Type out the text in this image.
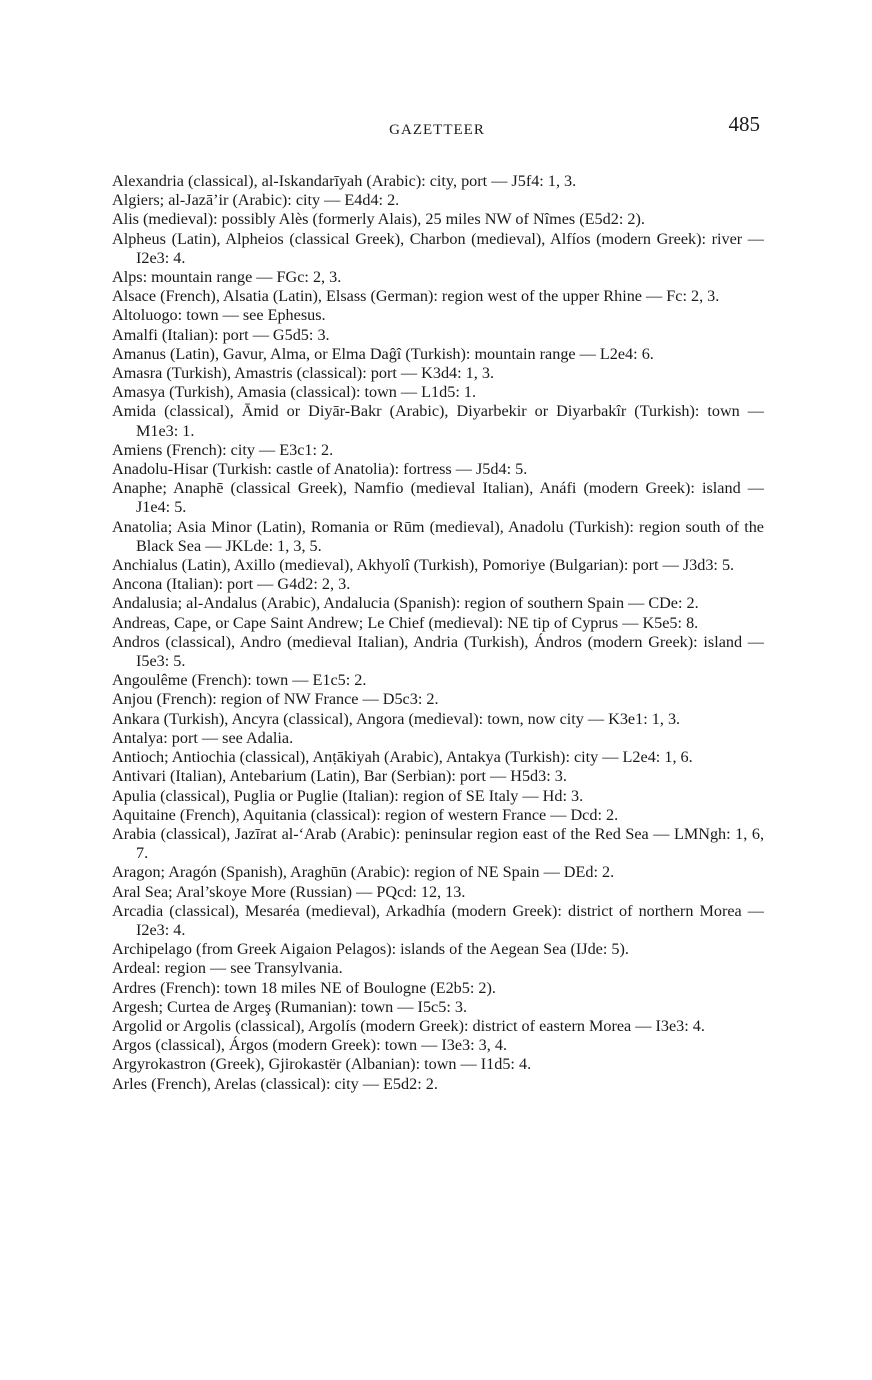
GAZETTEER	485
Alexandria (classical), al-Iskandarīyah (Arabic): city, port — J5f4: 1, 3.
Algiers; al-Jazā’ir (Arabic): city — E4d4: 2.
Alis (medieval): possibly Alès (formerly Alais), 25 miles NW of Nîmes (E5d2: 2).
Alpheus (Latin), Alpheios (classical Greek), Charbon (medieval), Alfíos (modern Greek): river — I2e3: 4.
Alps: mountain range — FGc: 2, 3.
Alsace (French), Alsatia (Latin), Elsass (German): region west of the upper Rhine — Fc: 2, 3.
Altoluogo: town — see Ephesus.
Amalfi (Italian): port — G5d5: 3.
Amanus (Latin), Gavur, Alma, or Elma Daĝî (Turkish): mountain range — L2e4: 6.
Amasra (Turkish), Amastris (classical): port — K3d4: 1, 3.
Amasya (Turkish), Amasia (classical): town — L1d5: 1.
Amida (classical), Āmid or Diyār-Bakr (Arabic), Diyarbekir or Diyarbakîr (Turkish): town — M1e3: 1.
Amiens (French): city — E3c1: 2.
Anadolu-Hisar (Turkish: castle of Anatolia): fortress — J5d4: 5.
Anaphe; Anaphē (classical Greek), Namfio (medieval Italian), Anáfi (modern Greek): island — J1e4: 5.
Anatolia; Asia Minor (Latin), Romania or Rūm (medieval), Anadolu (Turkish): region south of the Black Sea — JKLde: 1, 3, 5.
Anchialus (Latin), Axillo (medieval), Akhyolî (Turkish), Pomoriye (Bulgarian): port — J3d3: 5.
Ancona (Italian): port — G4d2: 2, 3.
Andalusia; al-Andalus (Arabic), Andalucia (Spanish): region of southern Spain — CDe: 2.
Andreas, Cape, or Cape Saint Andrew; Le Chief (medieval): NE tip of Cyprus — K5e5: 8.
Andros (classical), Andro (medieval Italian), Andria (Turkish), Ándros (modern Greek): island — I5e3: 5.
Angoulême (French): town — E1c5: 2.
Anjou (French): region of NW France — D5c3: 2.
Ankara (Turkish), Ancyra (classical), Angora (medieval): town, now city — K3e1: 1, 3.
Antalya: port — see Adalia.
Antioch; Antiochia (classical), Anṭākiyah (Arabic), Antakya (Turkish): city — L2e4: 1, 6.
Antivari (Italian), Antebarium (Latin), Bar (Serbian): port — H5d3: 3.
Apulia (classical), Puglia or Puglie (Italian): region of SE Italy — Hd: 3.
Aquitaine (French), Aquitania (classical): region of western France — Dcd: 2.
Arabia (classical), Jazīrat al-‘Arab (Arabic): peninsular region east of the Red Sea — LMNgh: 1, 6, 7.
Aragon; Aragón (Spanish), Araghūn (Arabic): region of NE Spain — DEd: 2.
Aral Sea; Aral’skoye More (Russian) — PQcd: 12, 13.
Arcadia (classical), Mesaréa (medieval), Arkadhía (modern Greek): district of northern Morea — I2e3: 4.
Archipelago (from Greek Aigaion Pelagos): islands of the Aegean Sea (IJde: 5).
Ardeal: region — see Transylvania.
Ardres (French): town 18 miles NE of Boulogne (E2b5: 2).
Argesh; Curtea de Argeş (Rumanian): town — I5c5: 3.
Argolid or Argolis (classical), Argolís (modern Greek): district of eastern Morea — I3e3: 4.
Argos (classical), Árgos (modern Greek): town — I3e3: 3, 4.
Argyrokastron (Greek), Gjirokastër (Albanian): town — I1d5: 4.
Arles (French), Arelas (classical): city — E5d2: 2.
